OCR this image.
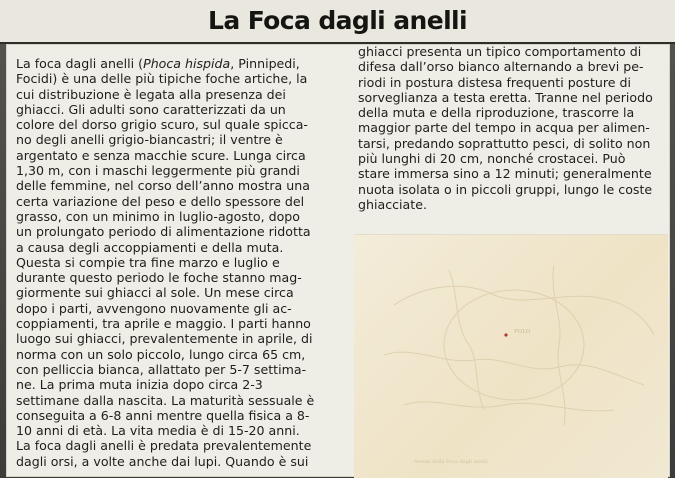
La Foca dagli anelli
La foca dagli anelli (Phoca hispida, Pinnipedi,
Focidi) è una delle più tipiche foche artiche, la
cui distribuzione è legata alla presenza dei
ghiacci. Gli adulti sono caratterizzati da un
colore del dorso grigio scuro, sul quale spicca-
no degli anelli grigio-biancastri; il ventre è
argentato e senza macchie scure. Lunga circa
1,30 m, con i maschi leggermente più grandi
delle femmine, nel corso dell’anno mostra una
certa variazione del peso e dello spessore del
grasso, con un minimo in luglio-agosto, dopo
un prolungato periodo di alimentazione ridotta
a causa degli accoppiamenti e della muta.
Questa si compie tra fine marzo e luglio e
durante questo periodo le foche stanno mag-
giormente sui ghiacci al sole. Un mese circa
dopo i parti, avvengono nuovamente gli ac-
coppiamenti, tra aprile e maggio. I parti hanno
luogo sui ghiacci, prevalentemente in aprile, di
norma con un solo piccolo, lungo circa 65 cm,
con pelliccia bianca, allattato per 5-7 settima-
ne. La prima muta inizia dopo circa 2-3
settimane dalla nascita. La maturità sessuale è
conseguita a 6-8 anni mentre quella fisica a 8-
10 anni di età. La vita media è di 15-20 anni.
La foca dagli anelli è predata prevalentemente
dagli orsi, a volte anche dai lupi. Quando è sui
ghiacci presenta un tipico comportamento di
difesa dall’orso bianco alternando a brevi pe-
riodi in postura distesa frequenti posture di
sorveglianza a testa eretta. Tranne nel periodo
della muta e della riproduzione, trascorre la
maggior parte del tempo in acqua per alimen-
tarsi, predando soprattutto pesci, di solito non
più lunghi di 20 cm, nonché crostacei. Può
stare immersa sino a 12 minuti; generalmente
nuota isolata o in piccoli gruppi, lungo le coste
ghiacciate.
POLO
Areale della Foca dagli anelli
